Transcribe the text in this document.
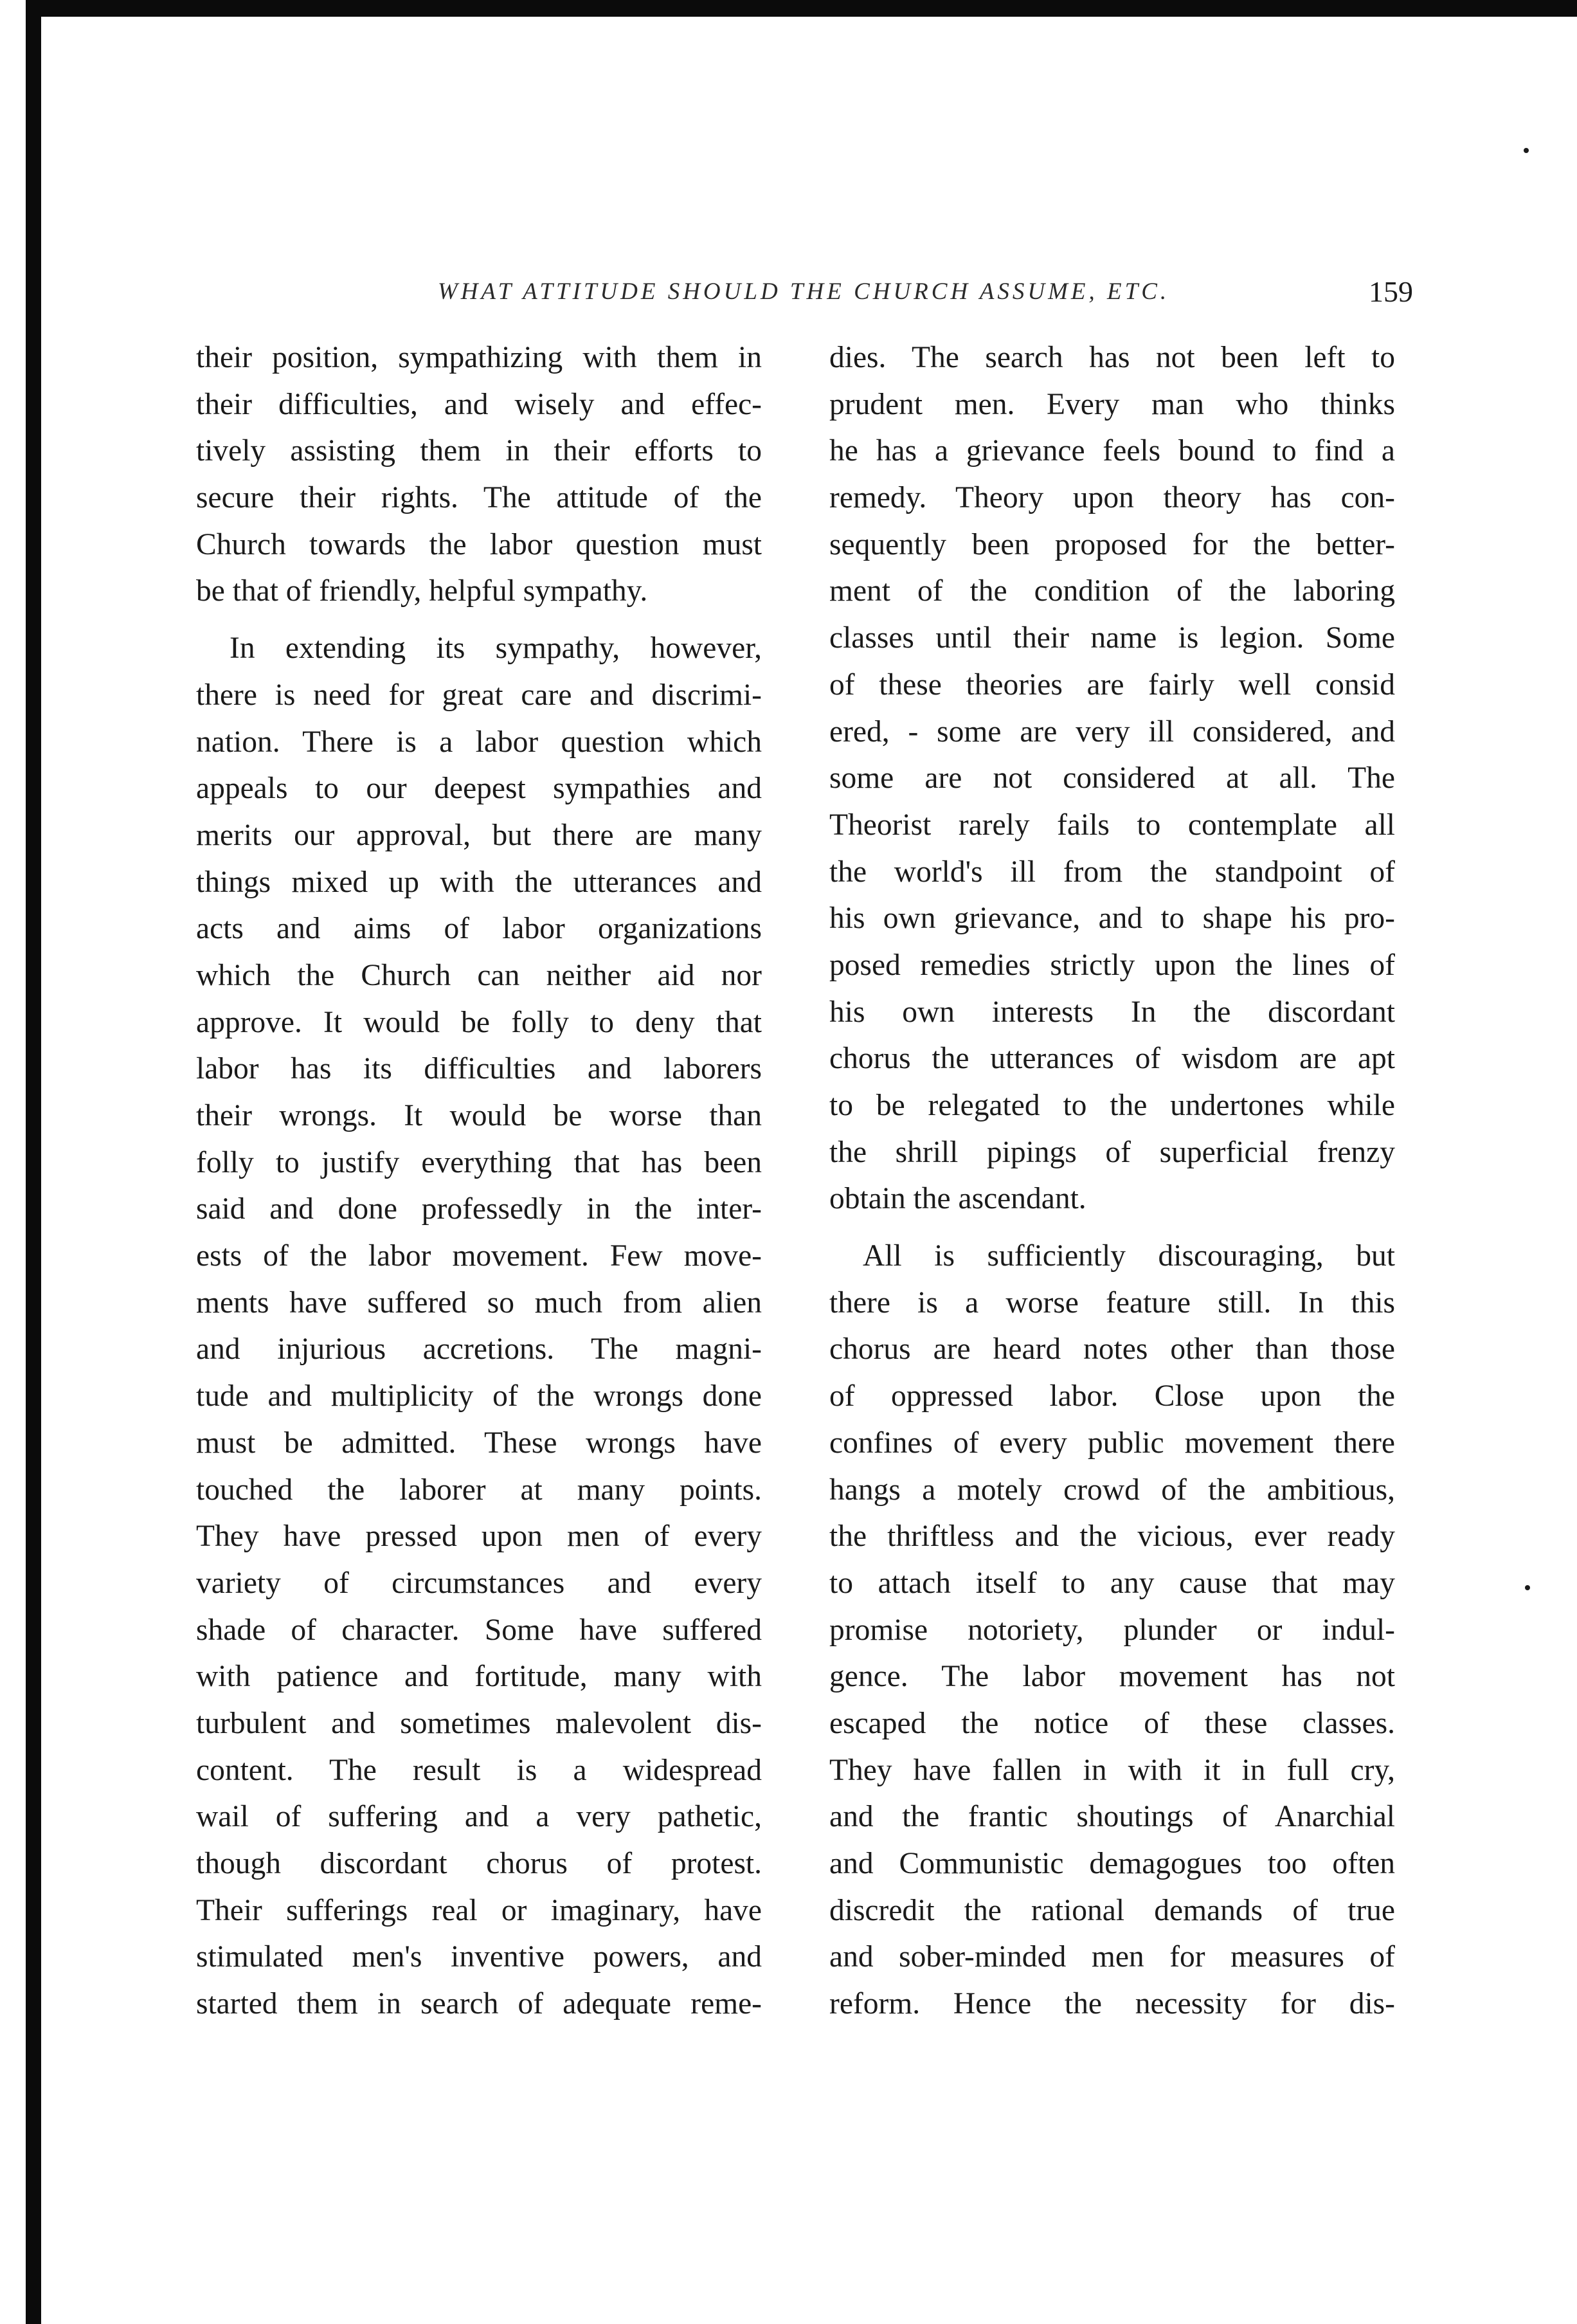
WHAT ATTITUDE SHOULD THE CHURCH ASSUME, ETC.	159
their position, sympathizing with them in
their difficulties, and wisely and effec-
tively assisting them in their efforts to
secure their rights. The attitude of the
Church towards the labor question must
be that of friendly, helpful sympathy.
In extending its sympathy, however,
there is need for great care and discrimi-
nation. There is a labor question which
appeals to our deepest sympathies and
merits our approval, but there are many
things mixed up with the utterances and
acts and aims of labor organizations
which the Church can neither aid nor
approve. It would be folly to deny that
labor has its difficulties and laborers
their wrongs. It would be worse than
folly to justify everything that has been
said and done professedly in the inter-
ests of the labor movement. Few move-
ments have suffered so much from alien
and injurious accretions. The magni-
tude and multiplicity of the wrongs done
must be admitted. These wrongs have
touched the laborer at many points.
They have pressed upon men of every
variety of circumstances and every
shade of character. Some have suffered
with patience and fortitude, many with
turbulent and sometimes malevolent dis-
content. The result is a widespread
wail of suffering and a very pathetic,
though discordant chorus of protest.
Their sufferings real or imaginary, have
stimulated men's inventive powers, and
started them in search of adequate reme-
dies. The search has not been left to
prudent men. Every man who thinks
he has a grievance feels bound to find a
remedy. Theory upon theory has con-
sequently been proposed for the better-
ment of the condition of the laboring
classes until their name is legion. Some
of these theories are fairly well consid
ered, - some are very ill considered, and
some are not considered at all. The
Theorist rarely fails to contemplate all
the world's ill from the standpoint of
his own grievance, and to shape his pro-
posed remedies strictly upon the lines of
his own interests In the discordant
chorus the utterances of wisdom are apt
to be relegated to the undertones while
the shrill pipings of superficial frenzy
obtain the ascendant.
All is sufficiently discouraging, but
there is a worse feature still. In this
chorus are heard notes other than those
of oppressed labor. Close upon the
confines of every public movement there
hangs a motely crowd of the ambitious,
the thriftless and the vicious, ever ready
to attach itself to any cause that may
promise notoriety, plunder or indul-
gence. The labor movement has not
escaped the notice of these classes.
They have fallen in with it in full cry,
and the frantic shoutings of Anarchial
and Communistic demagogues too often
discredit the rational demands of true
and sober-minded men for measures of
reform. Hence the necessity for dis-
